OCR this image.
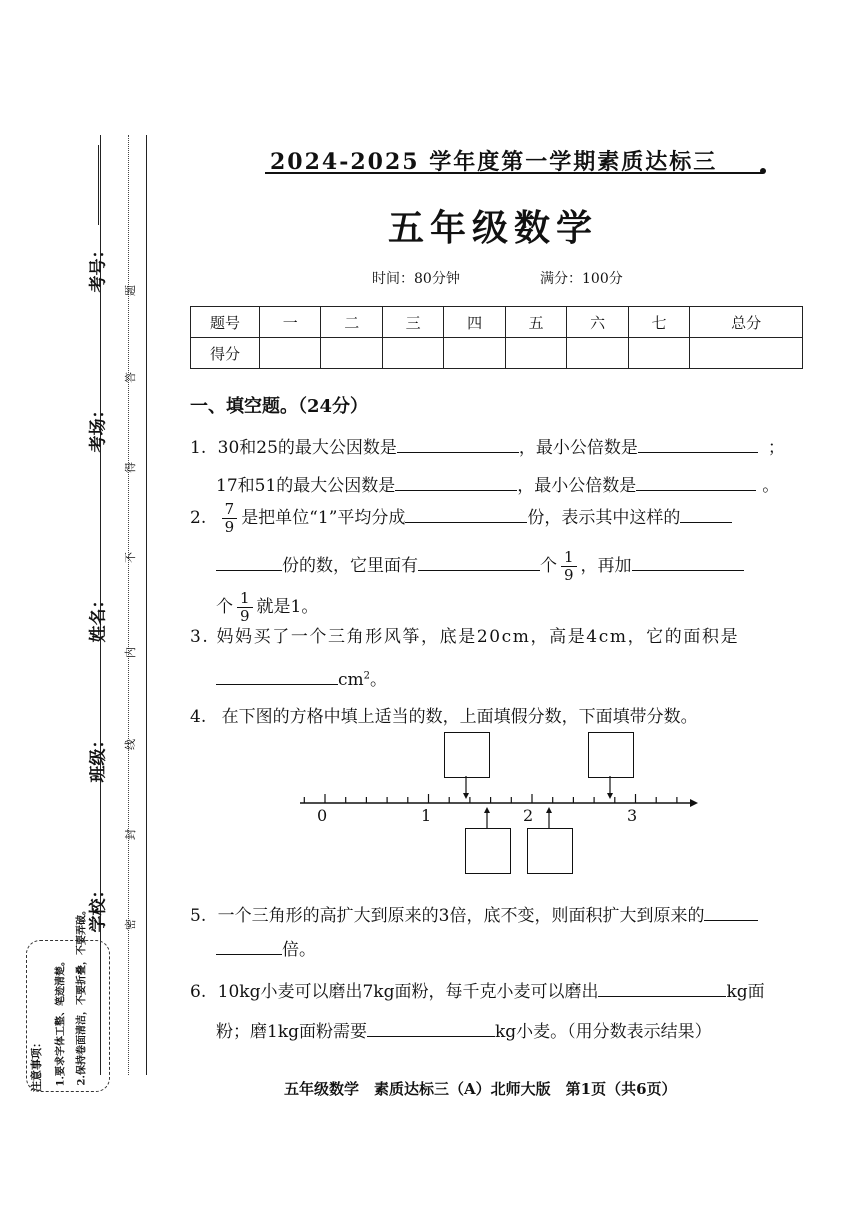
考号：
考场：
姓名：
班级：
学校：
题
答
得
不
内
线
封
密
注意事项：	1.要求字体工整、笔迹清楚。	2.保持卷面清洁，不要折叠，不要弄破。
2024-2025 学年度第一学期素质达标三
五年级数学
时间：80分钟	满分：100分
题号	一	二	三	四	五	六	七	总分
得分								
一、填空题。（24分）
1. 30和25的最大公因数是	，最小公倍数是	；
17和51的最大公因数是	，最小公倍数是	。
2. $\frac{7}{9}$ 是把单位“1”平均分成	份，表示其中这样的
份的数，它里面有	个 $\frac{1}{9}$ ，再加
个 $\frac{1}{9}$ 就是1。
3. 妈妈买了一个三角形风筝，底是20cm，高是4cm，它的面积是
$cm^2$。
4. 在下图的方格中填上适当的数，上面填假分数，下面填带分数。
0	1	2	3
5. 一个三角形的高扩大到原来的3倍，底不变，则面积扩大到原来的
倍。
6. 10kg小麦可以磨出7kg面粉，每千克小麦可以磨出	kg面
粉；磨1kg面粉需要	kg小麦。（用分数表示结果）
五年级数学　素质达标三（A）北师大版　第1页（共6页）
